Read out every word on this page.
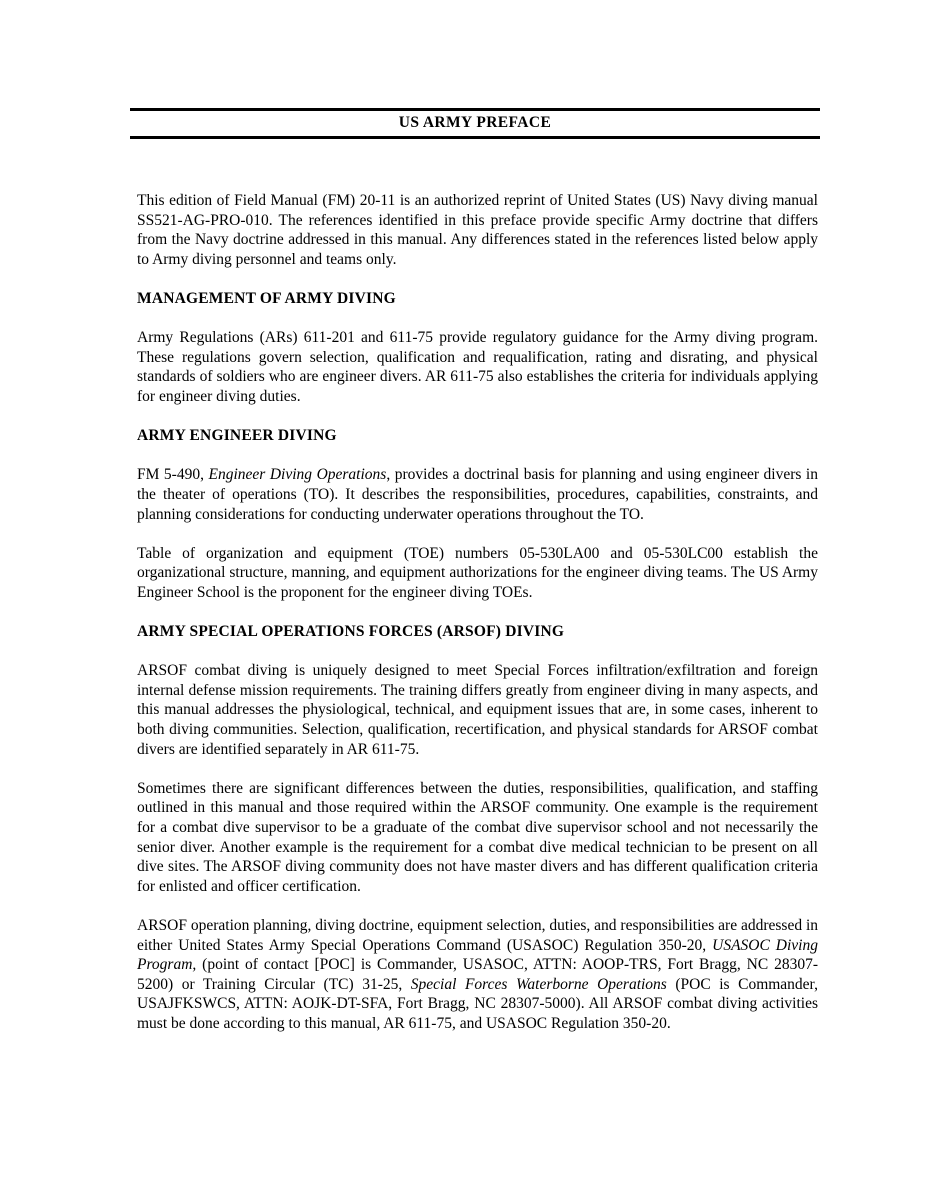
US ARMY PREFACE

This edition of Field Manual (FM) 20-11 is an authorized reprint of United States (US) Navy diving manual SS521-AG-PRO-010. The references identified in this preface provide specific Army doctrine that differs from the Navy doctrine addressed in this manual. Any differences stated in the references listed below apply to Army diving personnel and teams only.

MANAGEMENT OF ARMY DIVING

Army Regulations (ARs) 611-201 and 611-75 provide regulatory guidance for the Army diving program. These regulations govern selection, qualification and requalification, rating and disrating, and physical standards of soldiers who are engineer divers. AR 611-75 also establishes the criteria for individuals applying for engineer diving duties.

ARMY ENGINEER DIVING

FM 5-490, Engineer Diving Operations, provides a doctrinal basis for planning and using engineer divers in the theater of operations (TO). It describes the responsibilities, procedures, capabilities, constraints, and planning considerations for conducting underwater operations throughout the TO.

Table of organization and equipment (TOE) numbers 05-530LA00 and 05-530LC00 establish the organizational structure, manning, and equipment authorizations for the engineer diving teams. The US Army Engineer School is the proponent for the engineer diving TOEs.

ARMY SPECIAL OPERATIONS FORCES (ARSOF) DIVING

ARSOF combat diving is uniquely designed to meet Special Forces infiltration/exfiltration and foreign internal defense mission requirements. The training differs greatly from engineer diving in many aspects, and this manual addresses the physiological, technical, and equipment issues that are, in some cases, inherent to both diving communities. Selection, qualification, recertification, and physical standards for ARSOF combat divers are identified separately in AR 611-75.

Sometimes there are significant differences between the duties, responsibilities, qualification, and staffing outlined in this manual and those required within the ARSOF community. One example is the requirement for a combat dive supervisor to be a graduate of the combat dive supervisor school and not necessarily the senior diver. Another example is the requirement for a combat dive medical technician to be present on all dive sites. The ARSOF diving community does not have master divers and has different qualification criteria for enlisted and officer certification.

ARSOF operation planning, diving doctrine, equipment selection, duties, and responsibilities are addressed in either United States Army Special Operations Command (USASOC) Regulation 350-20, USASOC Diving Program, (point of contact [POC] is Commander, USASOC, ATTN: AOOP-TRS, Fort Bragg, NC 28307-5200) or Training Circular (TC) 31-25, Special Forces Waterborne Operations (POC is Commander, USAJFKSWCS, ATTN: AOJK-DT-SFA, Fort Bragg, NC 28307-5000). All ARSOF combat diving activities must be done according to this manual, AR 611-75, and USASOC Regulation 350-20.
